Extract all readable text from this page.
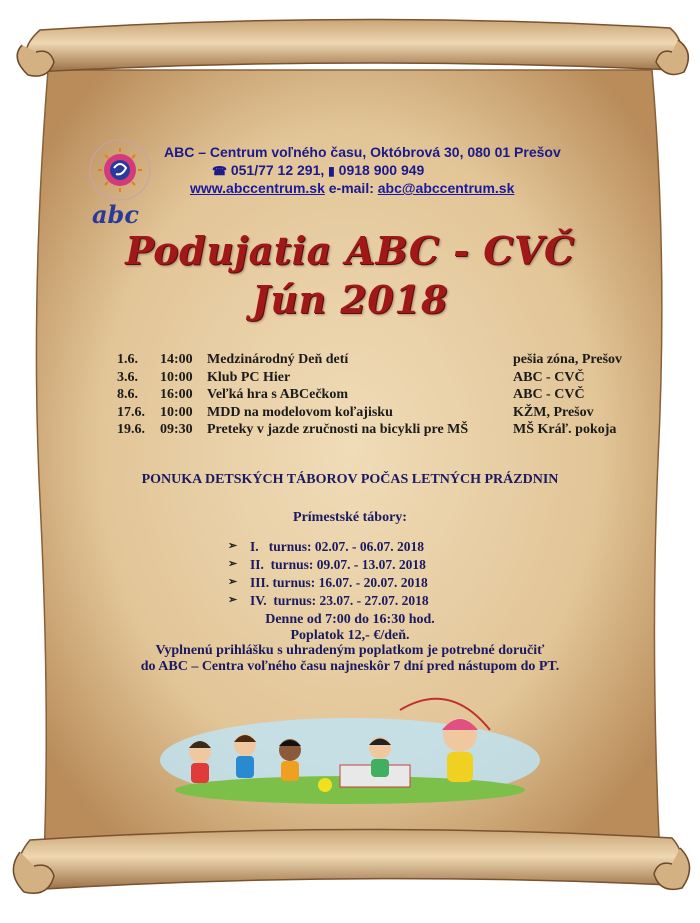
abc
ABC – Centrum voľného času, Októbrová 30, 080 01 Prešov
☎ 051/77 12 291, ▮ 0918 900 949
www.abccentrum.sk e-mail: abc@abccentrum.sk
Podujatia ABC - CVČ
Jún 2018
1.6. 14:00 Medzinárodný Deň detí	pešia zóna, Prešov
3.6. 10:00 Klub PC Hier	ABC - CVČ
8.6. 16:00 Veľká hra s ABCečkom	ABC - CVČ
17.6. 10:00 MDD na modelovom koľajisku	KŽM, Prešov
19.6. 09:30 Preteky v jazde zručnosti na bicykli pre MŠ	MŠ Kráľ. pokoja
PONUKA DETSKÝCH TÁBOROV POČAS LETNÝCH PRÁZDNIN
Prímestské tábory:
➢ I.   turnus: 02.07. - 06.07. 2018
➢ II.  turnus: 09.07. - 13.07. 2018
➢ III. turnus: 16.07. - 20.07. 2018
➢ IV.  turnus: 23.07. - 27.07. 2018
Denne od 7:00 do 16:30 hod.
Poplatok 12,- €/deň.
Vyplnenú prihlášku s uhradeným poplatkom je potrebné doručiť
do ABC – Centra voľného času najneskôr 7 dní pred nástupom do PT.
